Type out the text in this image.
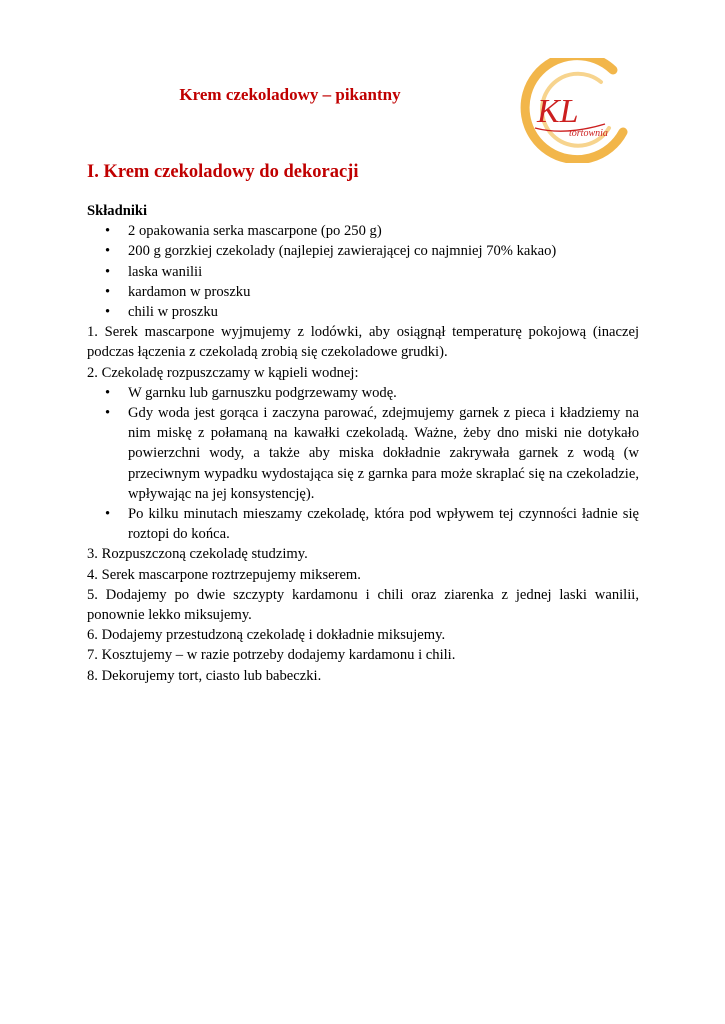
KL
tortownia
Krem czekoladowy – pikantny
I. Krem czekoladowy do dekoracji

Składniki

• 2 opakowania serka mascarpone (po 250 g)
• 200 g gorzkiej czekolady (najlepiej zawierającej co najmniej 70% kakao)
• laska wanilii
• kardamon w proszku
• chili w proszku

1. Serek mascarpone wyjmujemy z lodówki, aby osiągnął temperaturę pokojową (inaczej podczas łączenia z czekoladą zrobią się czekoladowe grudki).

2. Czekoladę rozpuszczamy w kąpieli wodnej:

• W garnku lub garnuszku podgrzewamy wodę.
• Gdy woda jest gorąca i zaczyna parować, zdejmujemy garnek z pieca i kładziemy na nim miskę z połamaną na kawałki czekoladą. Ważne, żeby dno miski nie dotykało powierzchni wody, a także aby miska dokładnie zakrywała garnek z wodą (w przeciwnym wypadku wydostająca się z garnka para może skraplać się na czekoladzie, wpływając na jej konsystencję).
• Po kilku minutach mieszamy czekoladę, która pod wpływem tej czynności ładnie się roztopi do końca.

3. Rozpuszczoną czekoladę studzimy.

4. Serek mascarpone roztrzepujemy mikserem.

5. Dodajemy po dwie szczypty kardamonu i chili oraz ziarenka z jednej laski wanilii, ponownie lekko miksujemy.

6. Dodajemy przestudzoną czekoladę i dokładnie miksujemy.

7. Kosztujemy – w razie potrzeby dodajemy kardamonu i chili.

8. Dekorujemy tort, ciasto lub babeczki.
